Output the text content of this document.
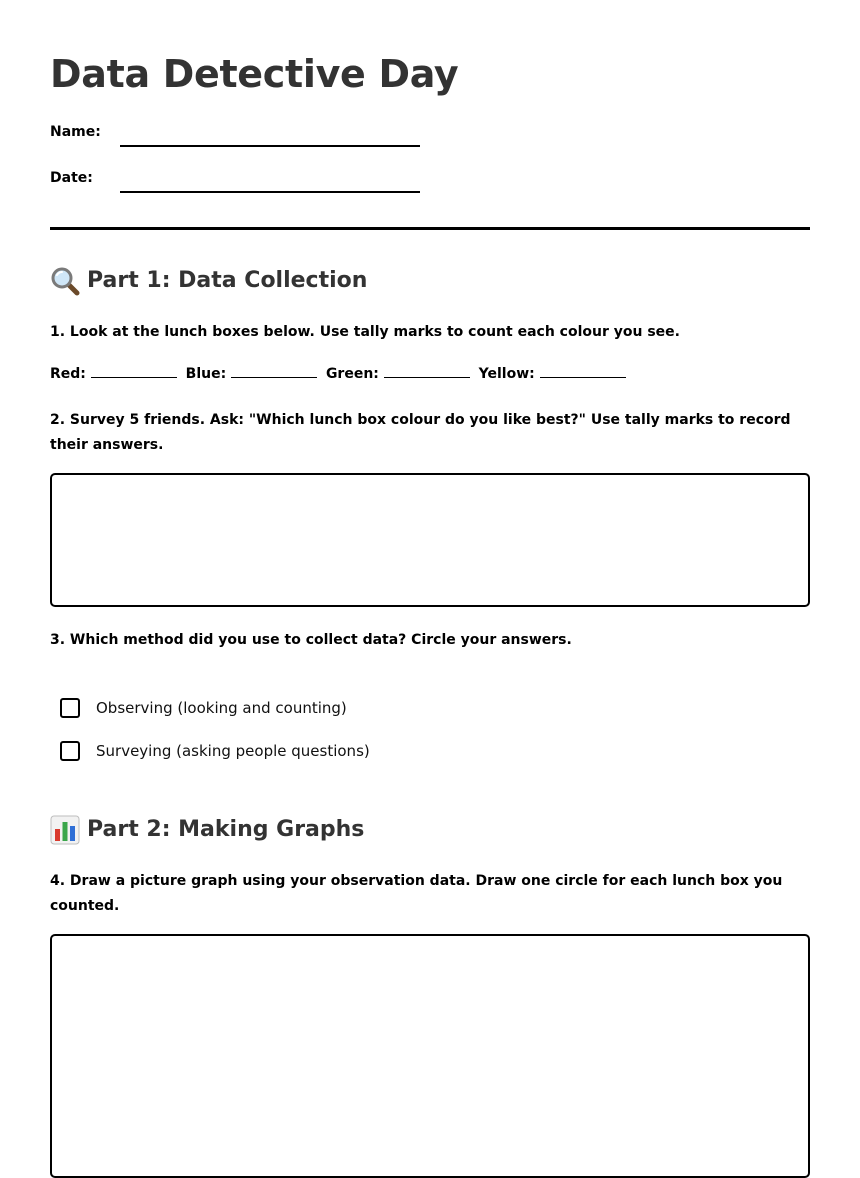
Data Detective Day
Name:
Date:
Part 1: Data Collection

1. Look at the lunch boxes below. Use tally marks to count each colour you see.

Red:	Blue:	Green:	Yellow:

2. Survey 5 friends. Ask: "Which lunch box colour do you like best?" Use tally marks to record their answers.

3. Which method did you use to collect data? Circle your answers.

Observing (looking and counting)
Surveying (asking people questions)
Part 2: Making Graphs

4. Draw a picture graph using your observation data. Draw one circle for each lunch box you counted.
